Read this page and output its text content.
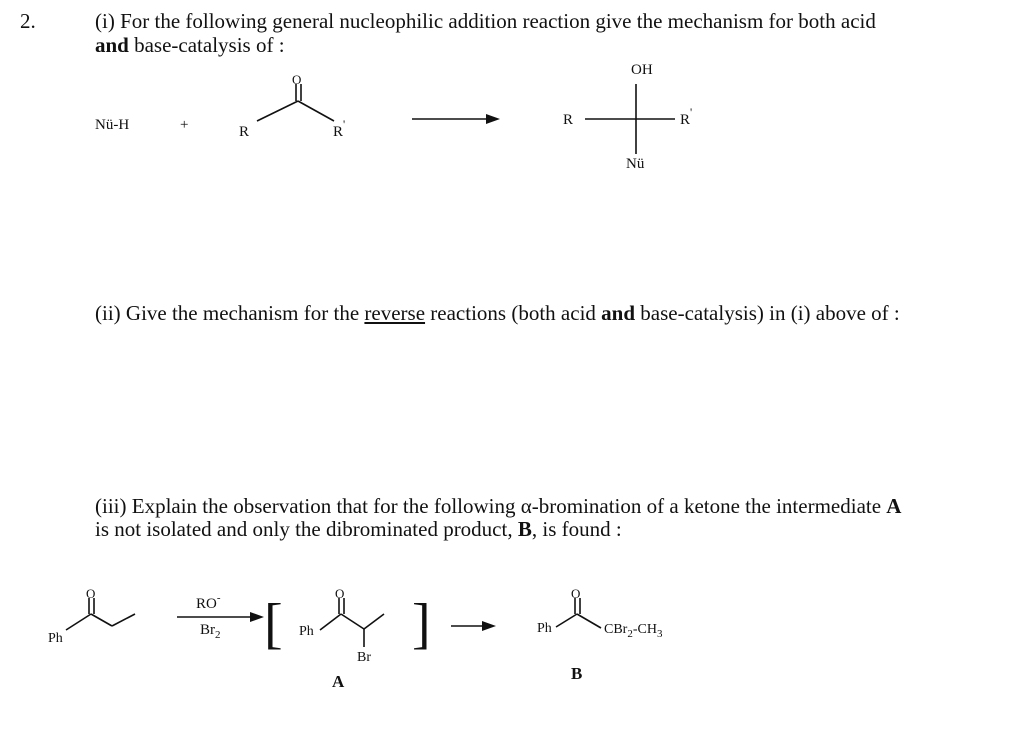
2.	(i) For the following general nucleophilic addition reaction give the mechanism for both acid
and base-catalysis of :
(ii) Give the mechanism for the reverse reactions (both acid and base-catalysis) in (i) above of :
(iii) Explain the observation that for the following α-bromination of a ketone the intermediate A
is not isolated and only the dibrominated product, B, is found :
Nü-H	+
O
R	R'
OH
R	R'
Nü
Ph
O
RO-
$Br_2$ [ Ph
O
Br
]
A
Ph
O
$CBr_2-CH_3$
B
